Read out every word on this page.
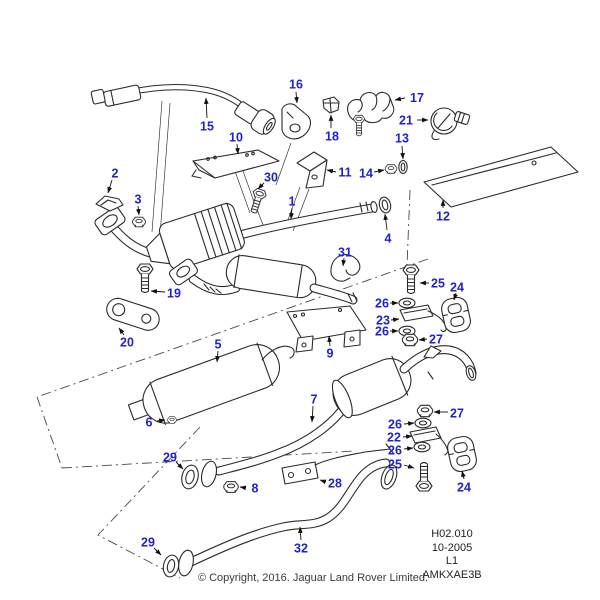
16
17
21
15
10	13
18
2	30	11 14
3	1
12
4
31
19
25 24
26
23
26
27
20
9
5
7
6
27
26
22
26
25
24
29
8	28
29	32
H02.010
10-2005
L1
AMKXAE3B
© Copyright, 2016. Jaguar Land Rover Limited.
